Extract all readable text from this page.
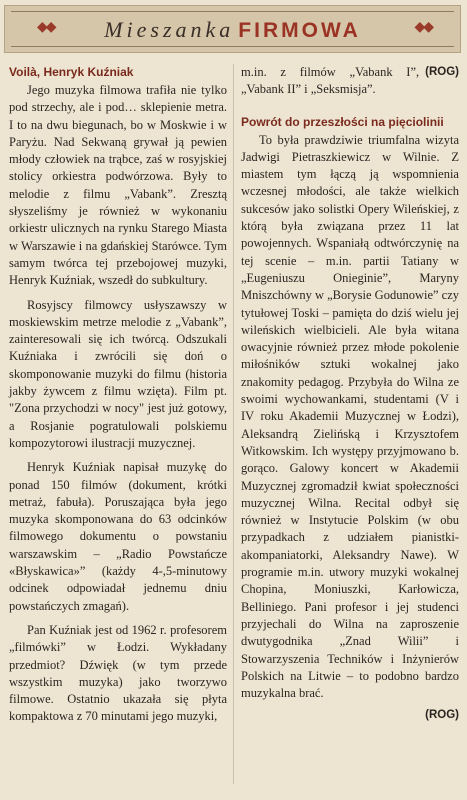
◆◆	Mieszanka FIRMOWA	◆◆
Voilà, Henryk Kuźniak

Jego muzyka filmowa trafiła nie tylko pod strzechy, ale i pod… sklepienie metra. I to na dwu biegunach, bo w Moskwie i w Paryżu. Nad Sekwaną grywał ją pewien młody człowiek na trąbce, zaś w rosyjskiej stolicy orkiestra podwórzowa. Były to melodie z filmu „Vabank”. Zresztą słyszeliśmy je również w wykonaniu orkiestr ulicznych na rynku Starego Miasta w Warszawie i na gdańskiej Starówce. Tym samym twórca tej przebojowej muzyki, Henryk Kuźniak, wszedł do subkultury.

Rosyjscy filmowcy usłyszawszy w moskiewskim metrze melodie z „Vabank”, zainteresowali się ich twórcą. Odszukali Kuźniaka i zwrócili się doń o skomponowanie muzyki do filmu (historia jakby żywcem z filmu wzięta). Film pt. "Zona przychodzi w nocy" jest już gotowy, a Rosjanie pogratulowali polskiemu kompozytorowi ilustracji muzycznej.

Henryk Kuźniak napisał muzykę do ponad 150 filmów (dokument, krótki metraż, fabuła). Poruszająca była jego muzyka skomponowana do 63 odcinków filmowego dokumentu o powstaniu warszawskim – „Radio Powstańcze «Błyskawica»” (każdy 4-,5-minutowy odcinek odpowiadał jednemu dniu powstańczych zmagań).

Pan Kuźniak jest od 1962 r. profesorem „filmówki” w Łodzi. Wykładany przedmiot? Dźwięk (w tym przede wszystkim muzyka) jako tworzywo filmowe. Ostatnio ukazała się płyta kompaktowa z 70 minutami jego muzyki,

(ROG)
m.in. z filmów „Vabank I”, „Vabank II” i „Seksmisja”.

Powrót do przeszłości na pięciolinii

To była prawdziwie triumfalna wizyta Jadwigi Pietraszkiewicz w Wilnie. Z miastem tym łączą ją wspomnienia wczesnej młodości, ale także wielkich sukcesów jako solistki Opery Wileńskiej, z którą była związana przez 11 lat powojennych. Wspaniałą odtwórczynię na tej scenie – m.in. partii Tatiany w „Eugeniuszu Onieginie”, Maryny Mniszchówny w „Borysie Godunowie” czy tytułowej Toski – pamięta do dziś wielu jej wileńskich wielbicieli. Ale była witana owacyjnie również przez młode pokolenie miłośników sztuki wokalnej jako znakomity pedagog. Przybyła do Wilna ze swoimi wychowankami, studentami (V i IV roku Akademii Muzycznej w Łodzi), Aleksandrą Zielińską i Krzysztofem Witkowskim. Ich występy przyjmowano b. gorąco. Galowy koncert w Akademii Muzycznej zgromadził kwiat społeczności muzycznej Wilna. Recital odbył się również w Instytucie Polskim (w obu przypadkach z udziałem pianistki-akompaniatorki, Aleksandry Nawe). W programie m.in. utwory muzyki wokalnej Chopina, Moniuszki, Karłowicza, Belliniego. Pani profesor i jej studenci przyjechali do Wilna na zaproszenie dwutygodnika „Znad Wilii” i Stowarzyszenia Techników i Inżynierów Polskich na Litwie – to podobno bardzo muzykalna brać.

(ROG)
